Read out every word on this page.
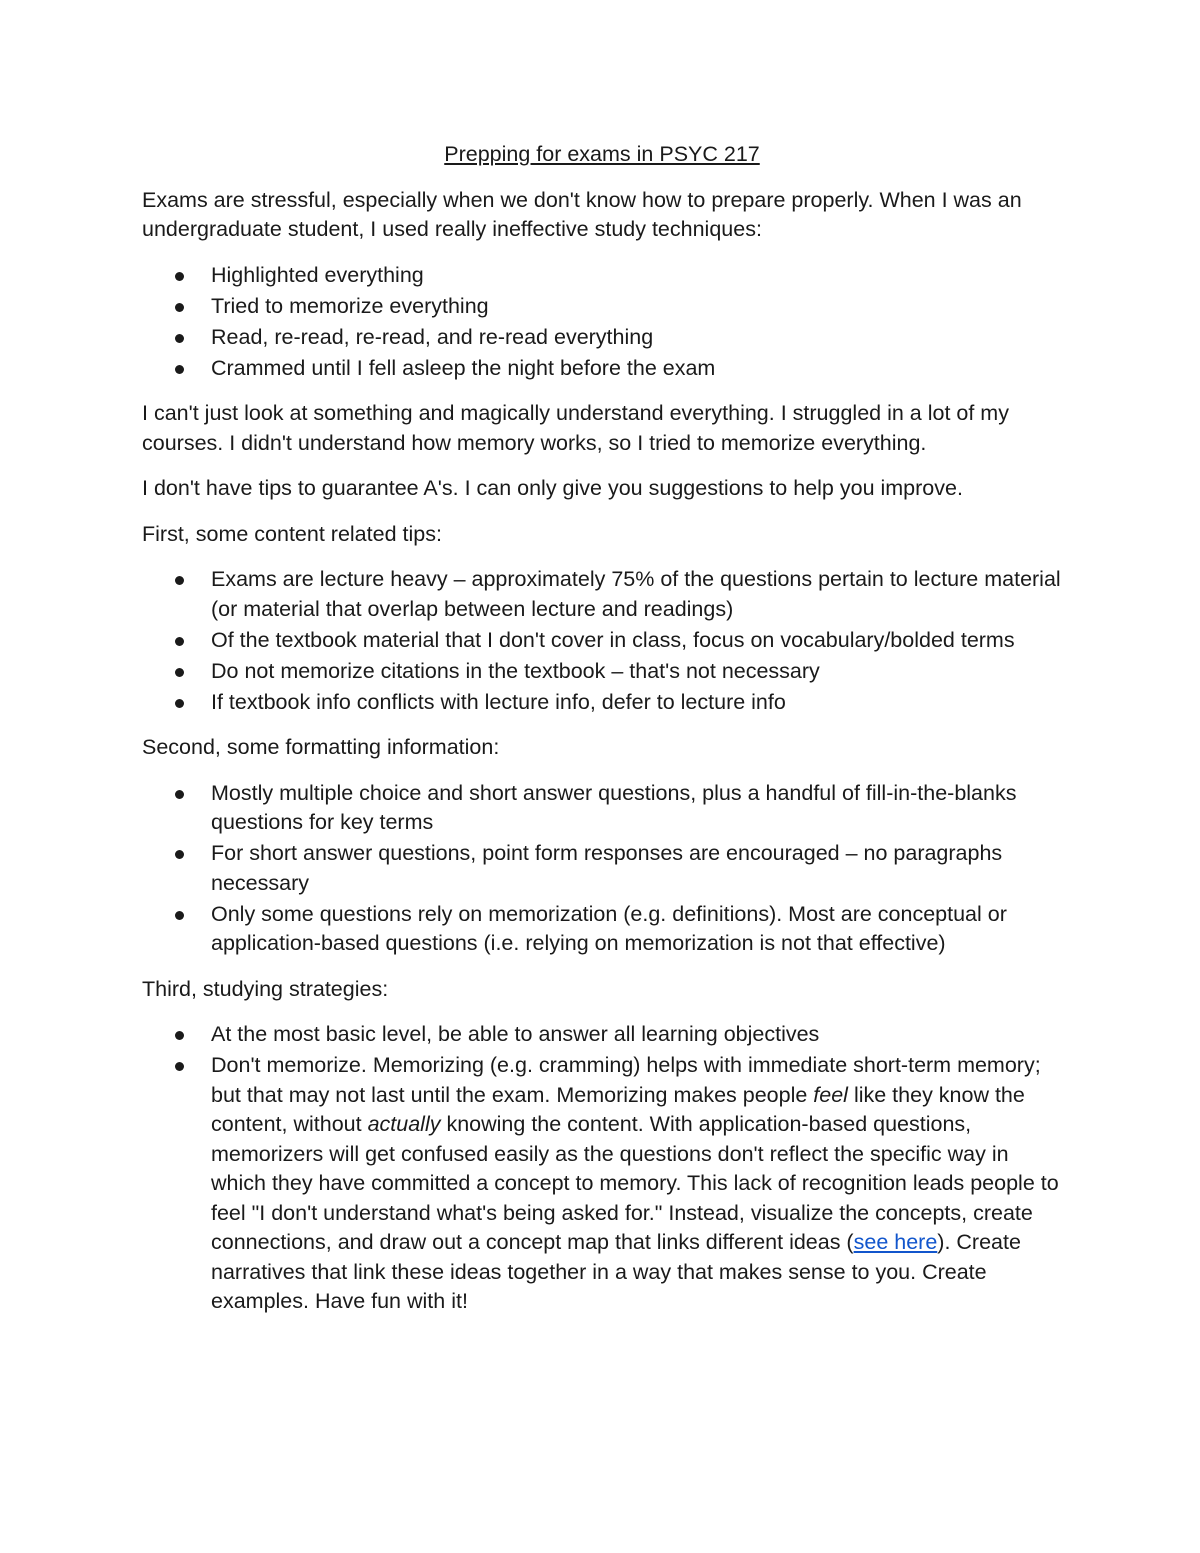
Prepping for exams in PSYC 217

Exams are stressful, especially when we don't know how to prepare properly. When I was an undergraduate student, I used really ineffective study techniques:

Highlighted everything
Tried to memorize everything
Read, re-read, re-read, and re-read everything
Crammed until I fell asleep the night before the exam

I can't just look at something and magically understand everything. I struggled in a lot of my courses. I didn't understand how memory works, so I tried to memorize everything.

I don't have tips to guarantee A's. I can only give you suggestions to help you improve.

First, some content related tips:

Exams are lecture heavy – approximately 75% of the questions pertain to lecture material (or material that overlap between lecture and readings)
Of the textbook material that I don't cover in class, focus on vocabulary/bolded terms
Do not memorize citations in the textbook – that's not necessary
If textbook info conflicts with lecture info, defer to lecture info

Second, some formatting information:

Mostly multiple choice and short answer questions, plus a handful of fill-in-the-blanks questions for key terms
For short answer questions, point form responses are encouraged – no paragraphs necessary
Only some questions rely on memorization (e.g. definitions). Most are conceptual or application-based questions (i.e. relying on memorization is not that effective)

Third, studying strategies:

At the most basic level, be able to answer all learning objectives
Don't memorize. Memorizing (e.g. cramming) helps with immediate short-term memory; but that may not last until the exam. Memorizing makes people feel like they know the content, without actually knowing the content. With application-based questions, memorizers will get confused easily as the questions don't reflect the specific way in which they have committed a concept to memory. This lack of recognition leads people to feel "I don't understand what's being asked for." Instead, visualize the concepts, create connections, and draw out a concept map that links different ideas (see here). Create narratives that link these ideas together in a way that makes sense to you. Create examples. Have fun with it!
